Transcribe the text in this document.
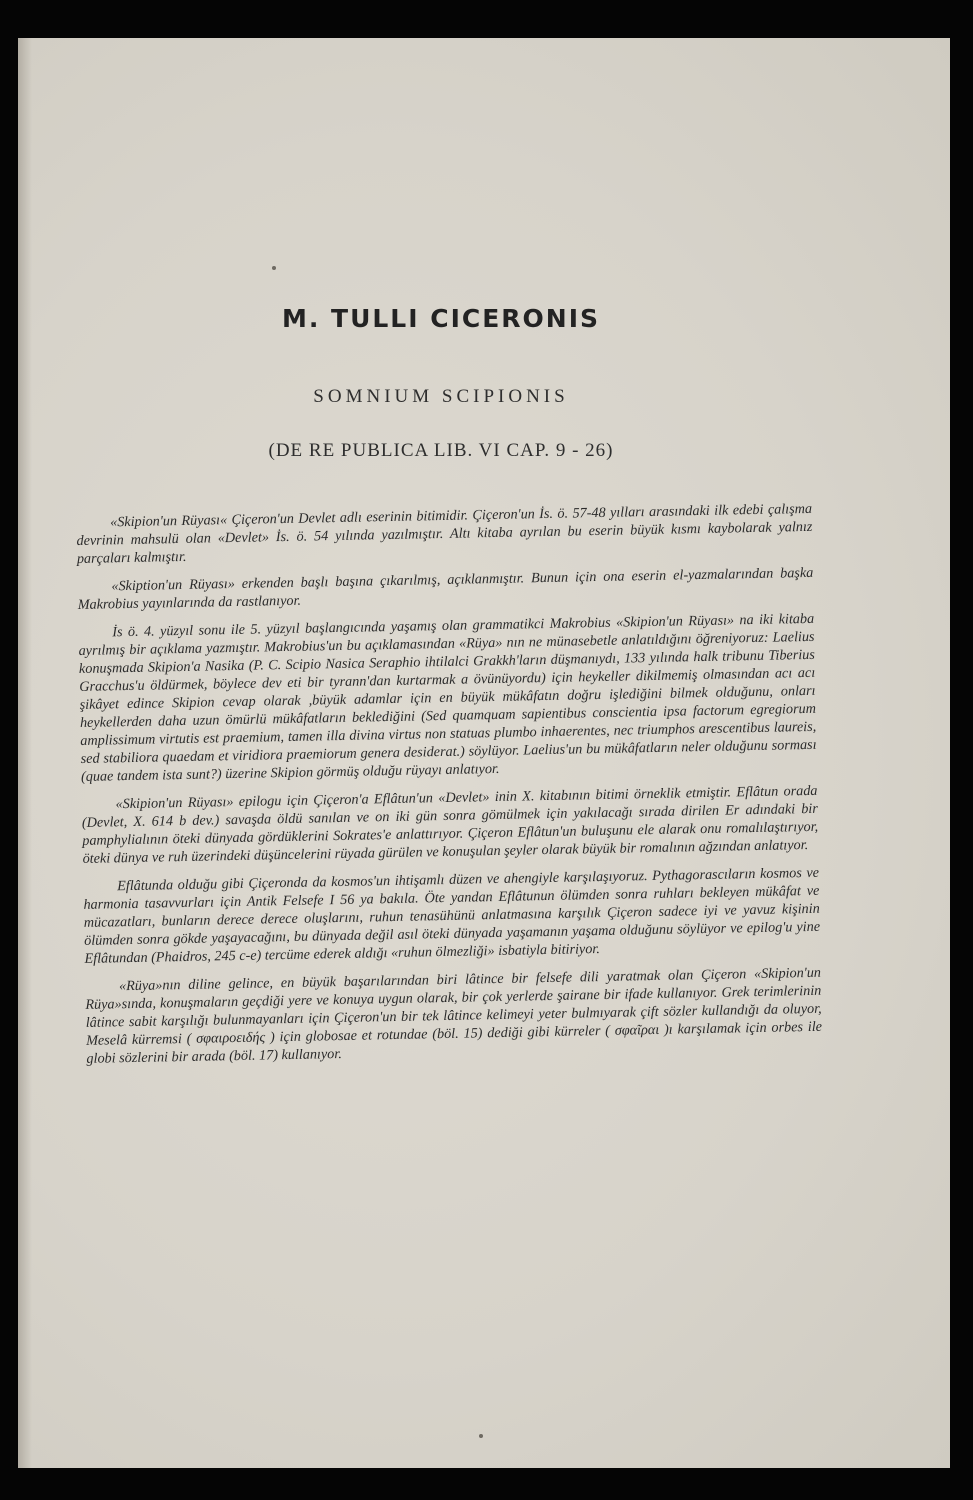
M. TULLI CICERONIS
SOMNIUM SCIPIONIS
(DE RE PUBLICA LIB. VI CAP. 9 - 26)

«Skipion'un Rüyası« Çiçeron'un Devlet adlı eserinin bitimidir. Çiçeron'un İs. ö. 57-48 yılları arasındaki ilk edebi çalışma devrinin mahsulü olan «Devlet» İs. ö. 54 yılında yazılmıştır. Altı kitaba ayrılan bu eserin büyük kısmı kaybolarak yalnız parçaları kalmıştır.

«Skiption'un Rüyası» erkenden başlı başına çıkarılmış, açıklanmıştır. Bunun için ona eserin el-yazmalarından başka Makrobius yayınlarında da rastlanıyor.

İs ö. 4. yüzyıl sonu ile 5. yüzyıl başlangıcında yaşamış olan grammatikci Makrobius «Skipion'un Rüyası» na iki kitaba ayrılmış bir açıklama yazmıştır. Makrobius'un bu açıklamasından «Rüya» nın ne münasebetle anlatıldığını öğreniyoruz: Laelius konuşmada Skipion'a Nasika (P. C. Scipio Nasica Seraphio ihtilalci Grakkh'ların düşmanıydı, 133 yılında halk tribunu Tiberius Gracchus'u öldürmek, böylece dev eti bir tyrann'dan kurtarmak a övünüyordu) için heykeller dikilmemiş olmasından acı acı şikâyet edince Skipion cevap olarak ,büyük adamlar için en büyük mükâfatın doğru işlediğini bilmek olduğunu, onları heykellerden daha uzun ömürlü mükâfatların beklediğini (Sed quamquam sapientibus conscientia ipsa factorum egregiorum amplissimum virtutis est praemium, tamen illa divina virtus non statuas plumbo inhaerentes, nec triumphos arescentibus laureis, sed stabiliora quaedam et viridiora praemiorum genera desiderat.) söylüyor. Laelius'un bu mükâfatların neler olduğunu sorması (quae tandem ista sunt?) üzerine Skipion görmüş olduğu rüyayı anlatıyor.

«Skipion'un Rüyası» epilogu için Çiçeron'a Eflâtun'un «Devlet» inin X. kitabının bitimi örneklik etmiştir. Eflâtun orada (Devlet, X. 614 b dev.) savaşda öldü sanılan ve on iki gün sonra gömülmek için yakılacağı sırada dirilen Er adındaki bir pamphylialının öteki dünyada gördüklerini Sokrates'e anlattırıyor. Çiçeron Eflâtun'un buluşunu ele alarak onu romalılaştırıyor, öteki dünya ve ruh üzerindeki düşüncelerini rüyada gürülen ve konuşulan şeyler olarak büyük bir romalının ağzından anlatıyor.

Eflâtunda olduğu gibi Çiçeronda da kosmos'un ihtişamlı düzen ve ahengiyle karşılaşıyoruz. Pythagorascıların kosmos ve harmonia tasavvurları için Antik Felsefe I 56 ya bakıla. Öte yandan Eflâtunun ölümden sonra ruhları bekleyen mükâfat ve mücazatları, bunların derece derece oluşlarını, ruhun tenasühünü anlatmasına karşılık Çiçeron sadece iyi ve yavuz kişinin ölümden sonra gökde yaşayacağını, bu dünyada değil asıl öteki dünyada yaşamanın yaşama olduğunu söylüyor ve epilog'u yine Eflâtundan (Phaidros, 245 c-e) tercüme ederek aldığı «ruhun ölmezliği» isbatiyla bitiriyor.

«Rüya»nın diline gelince, en büyük başarılarından biri lâtince bir felsefe dili yaratmak olan Çiçeron «Skipion'un Rüya»sında, konuşmaların geçdiği yere ve konuya uygun olarak, bir çok yerlerde şairane bir ifade kullanıyor. Grek terimlerinin lâtince sabit karşılığı bulunmayanları için Çiçeron'un bir tek lâtince kelimeyi yeter bulmıyarak çift sözler kullandığı da oluyor, Meselâ kürremsi ( σφαιροειδής ) için globosae et rotundae (böl. 15) dediği gibi kürreler ( σφαῖραι )ı karşılamak için orbes ile globi sözlerini bir arada (böl. 17) kullanıyor.
